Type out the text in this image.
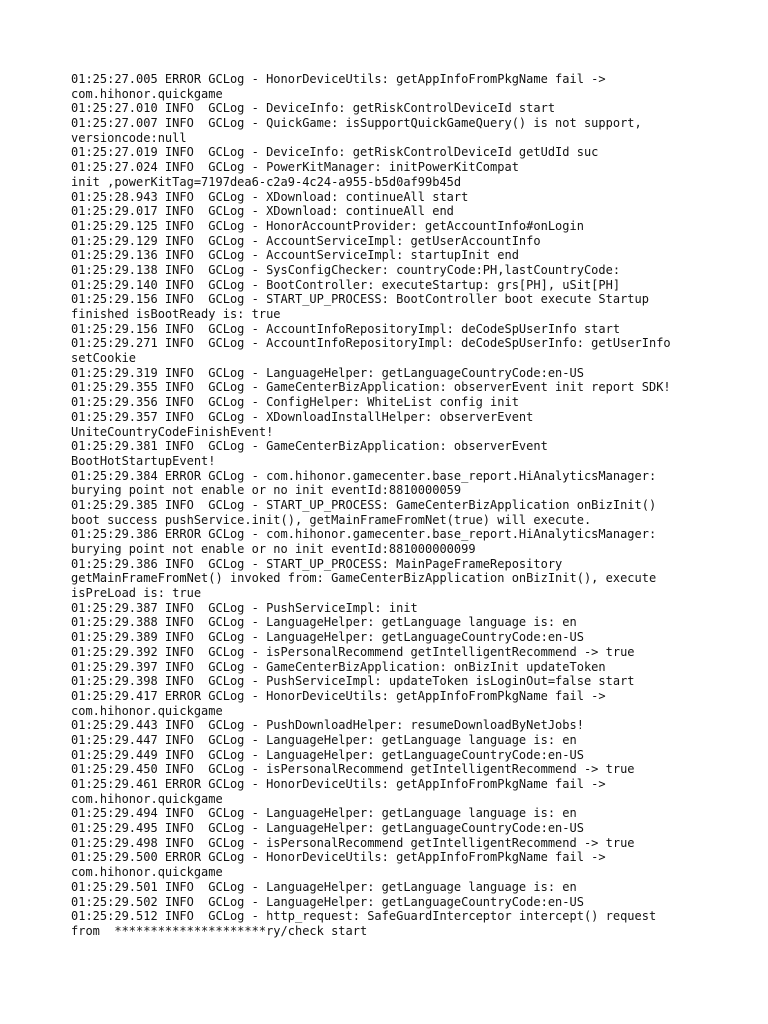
01:25:27.005 ERROR GCLog - HonorDeviceUtils: getAppInfoFromPkgName fail ->
com.hihonor.quickgame
01:25:27.010 INFO  GCLog - DeviceInfo: getRiskControlDeviceId start
01:25:27.007 INFO  GCLog - QuickGame: isSupportQuickGameQuery() is not support,
versioncode:null
01:25:27.019 INFO  GCLog - DeviceInfo: getRiskControlDeviceId getUdId suc
01:25:27.024 INFO  GCLog - PowerKitManager: initPowerKitCompat
init ,powerKitTag=7197dea6-c2a9-4c24-a955-b5d0af99b45d
01:25:28.943 INFO  GCLog - XDownload: continueAll start
01:25:29.017 INFO  GCLog - XDownload: continueAll end
01:25:29.125 INFO  GCLog - HonorAccountProvider: getAccountInfo#onLogin
01:25:29.129 INFO  GCLog - AccountServiceImpl: getUserAccountInfo
01:25:29.136 INFO  GCLog - AccountServiceImpl: startupInit end
01:25:29.138 INFO  GCLog - SysConfigChecker: countryCode:PH,lastCountryCode:
01:25:29.140 INFO  GCLog - BootController: executeStartup: grs[PH], uSit[PH]
01:25:29.156 INFO  GCLog - START_UP_PROCESS: BootController boot execute Startup
finished isBootReady is: true
01:25:29.156 INFO  GCLog - AccountInfoRepositoryImpl: deCodeSpUserInfo start
01:25:29.271 INFO  GCLog - AccountInfoRepositoryImpl: deCodeSpUserInfo: getUserInfo
setCookie
01:25:29.319 INFO  GCLog - LanguageHelper: getLanguageCountryCode:en-US
01:25:29.355 INFO  GCLog - GameCenterBizApplication: observerEvent init report SDK!
01:25:29.356 INFO  GCLog - ConfigHelper: WhiteList config init
01:25:29.357 INFO  GCLog - XDownloadInstallHelper: observerEvent
UniteCountryCodeFinishEvent!
01:25:29.381 INFO  GCLog - GameCenterBizApplication: observerEvent
BootHotStartupEvent!
01:25:29.384 ERROR GCLog - com.hihonor.gamecenter.base_report.HiAnalyticsManager:
burying point not enable or no init eventId:8810000059
01:25:29.385 INFO  GCLog - START_UP_PROCESS: GameCenterBizApplication onBizInit()
boot success pushService.init(), getMainFrameFromNet(true) will execute.
01:25:29.386 ERROR GCLog - com.hihonor.gamecenter.base_report.HiAnalyticsManager:
burying point not enable or no init eventId:881000000099
01:25:29.386 INFO  GCLog - START_UP_PROCESS: MainPageFrameRepository
getMainFrameFromNet() invoked from: GameCenterBizApplication onBizInit(), execute
isPreLoad is: true
01:25:29.387 INFO  GCLog - PushServiceImpl: init
01:25:29.388 INFO  GCLog - LanguageHelper: getLanguage language is: en
01:25:29.389 INFO  GCLog - LanguageHelper: getLanguageCountryCode:en-US
01:25:29.392 INFO  GCLog - isPersonalRecommend getIntelligentRecommend -> true
01:25:29.397 INFO  GCLog - GameCenterBizApplication: onBizInit updateToken
01:25:29.398 INFO  GCLog - PushServiceImpl: updateToken isLoginOut=false start
01:25:29.417 ERROR GCLog - HonorDeviceUtils: getAppInfoFromPkgName fail ->
com.hihonor.quickgame
01:25:29.443 INFO  GCLog - PushDownloadHelper: resumeDownloadByNetJobs!
01:25:29.447 INFO  GCLog - LanguageHelper: getLanguage language is: en
01:25:29.449 INFO  GCLog - LanguageHelper: getLanguageCountryCode:en-US
01:25:29.450 INFO  GCLog - isPersonalRecommend getIntelligentRecommend -> true
01:25:29.461 ERROR GCLog - HonorDeviceUtils: getAppInfoFromPkgName fail ->
com.hihonor.quickgame
01:25:29.494 INFO  GCLog - LanguageHelper: getLanguage language is: en
01:25:29.495 INFO  GCLog - LanguageHelper: getLanguageCountryCode:en-US
01:25:29.498 INFO  GCLog - isPersonalRecommend getIntelligentRecommend -> true
01:25:29.500 ERROR GCLog - HonorDeviceUtils: getAppInfoFromPkgName fail ->
com.hihonor.quickgame
01:25:29.501 INFO  GCLog - LanguageHelper: getLanguage language is: en
01:25:29.502 INFO  GCLog - LanguageHelper: getLanguageCountryCode:en-US
01:25:29.512 INFO  GCLog - http_request: SafeGuardInterceptor intercept() request
from  *********************ry/check start
